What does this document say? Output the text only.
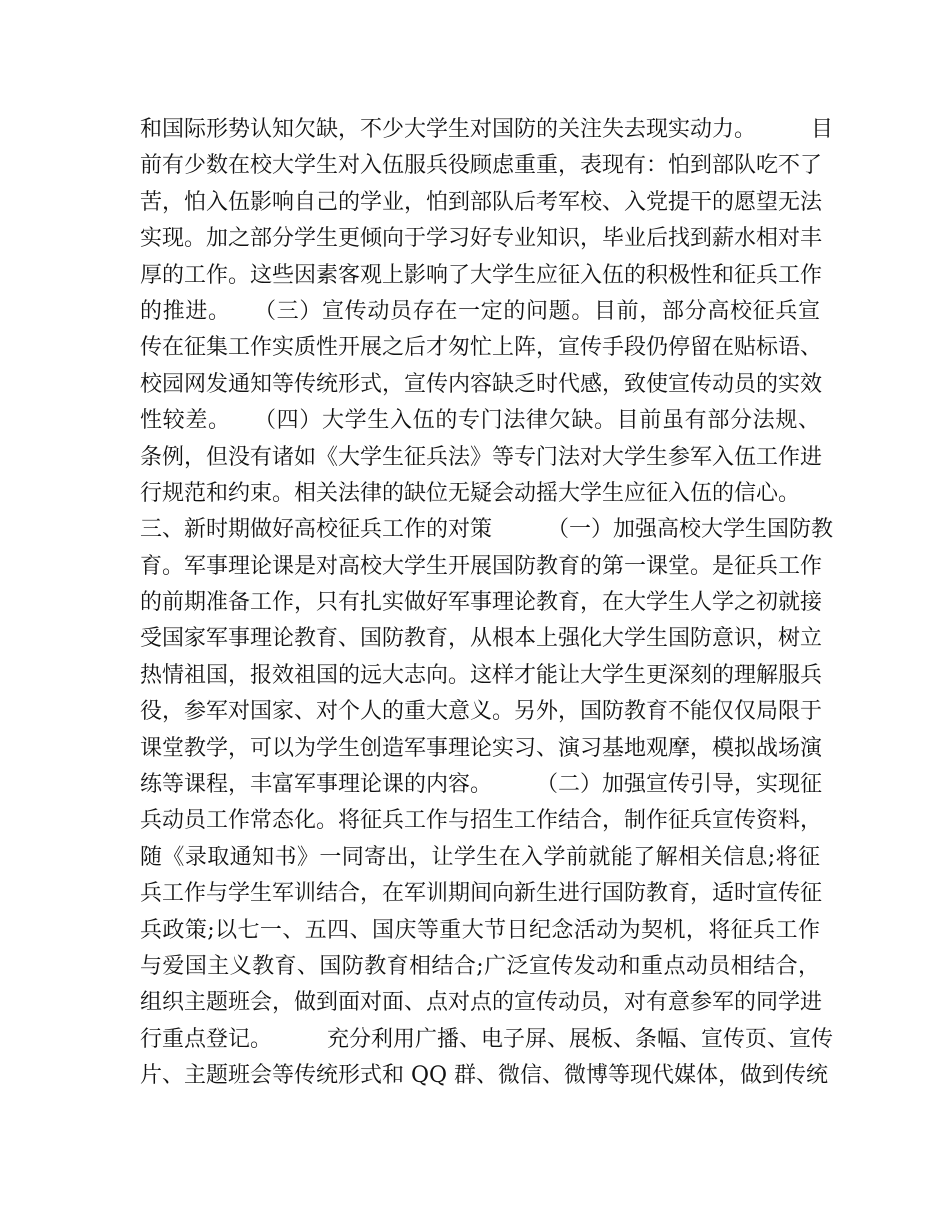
和国际形势认知欠缺，不少大学生对国防的关注失去现实动力。　　　目
前有少数在校大学生对入伍服兵役顾虑重重，表现有：怕到部队吃不了
苦，怕入伍影响自己的学业，怕到部队后考军校、入党提干的愿望无法
实现。加之部分学生更倾向于学习好专业知识，毕业后找到薪水相对丰
厚的工作。这些因素客观上影响了大学生应征入伍的积极性和征兵工作
的推进。　　（三）宣传动员存在一定的问题。目前，部分高校征兵宣
传在征集工作实质性开展之后才匆忙上阵，宣传手段仍停留在贴标语、
校园网发通知等传统形式，宣传内容缺乏时代感，致使宣传动员的实效
性较差。　　（四）大学生入伍的专门法律欠缺。目前虽有部分法规、
条例，但没有诸如《大学生征兵法》等专门法对大学生参军入伍工作进
行规范和约束。相关法律的缺位无疑会动摇大学生应征入伍的信心。
三、新时期做好高校征兵工作的对策　　　（一）加强高校大学生国防教
育。军事理论课是对高校大学生开展国防教育的第一课堂。是征兵工作
的前期准备工作，只有扎实做好军事理论教育，在大学生人学之初就接
受国家军事理论教育、国防教育，从根本上强化大学生国防意识，树立
热情祖国，报效祖国的远大志向。这样才能让大学生更深刻的理解服兵
役，参军对国家、对个人的重大意义。另外，国防教育不能仅仅局限于
课堂教学，可以为学生创造军事理论实习、演习基地观摩，模拟战场演
练等课程，丰富军事理论课的内容。　　　（二）加强宣传引导，实现征
兵动员工作常态化。将征兵工作与招生工作结合，制作征兵宣传资料，
随《录取通知书》一同寄出，让学生在入学前就能了解相关信息;将征
兵工作与学生军训结合，在军训期间向新生进行国防教育，适时宣传征
兵政策;以七一、五四、国庆等重大节日纪念活动为契机，将征兵工作
与爱国主义教育、国防教育相结合;广泛宣传发动和重点动员相结合，
组织主题班会，做到面对面、点对点的宣传动员，对有意参军的同学进
行重点登记。　　　充分利用广播、电子屏、展板、条幅、宣传页、宣传
片、主题班会等传统形式和 QQ 群、微信、微博等现代媒体，做到传统
